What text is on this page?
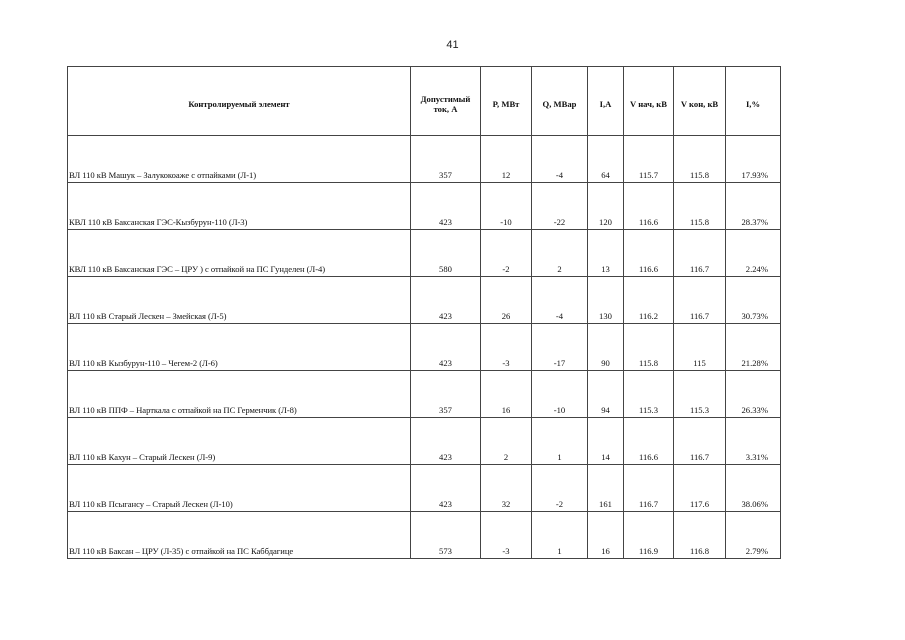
41
Контролируемый элемент	Допустимый ток, А	P, МВт	Q, МВар	I,А	V нач, кВ	V кон, кВ	I,%
ВЛ 110 кВ Машук – Залукокоаже с отпайками (Л-1)	357	12	-4	64	115.7	115.8	17.93%
КВЛ 110 кВ Баксанская ГЭС-Кызбурун-110 (Л-3)	423	-10	-22	120	116.6	115.8	28.37%
КВЛ 110 кВ Баксанская ГЭС – ЦРУ ) с отпайкой на ПС Гунделен (Л-4)	580	-2	2	13	116.6	116.7	2.24%
ВЛ 110 кВ Старый Лескен – Змейская (Л-5)	423	26	-4	130	116.2	116.7	30.73%
ВЛ 110 кВ Кызбурун-110 – Чегем-2 (Л-6)	423	-3	-17	90	115.8	115	21.28%
ВЛ 110 кВ ППФ – Нарткала с отпайкой на ПС Герменчик (Л-8)	357	16	-10	94	115.3	115.3	26.33%
ВЛ 110 кВ Кахун – Старый Лескен (Л-9)	423	2	1	14	116.6	116.7	3.31%
ВЛ 110 кВ Псыгансу – Старый Лескен (Л-10)	423	32	-2	161	116.7	117.6	38.06%
ВЛ 110 кВ Баксан – ЦРУ (Л-35) с отпайкой на ПС Каббдагице	573	-3	1	16	116.9	116.8	2.79%
